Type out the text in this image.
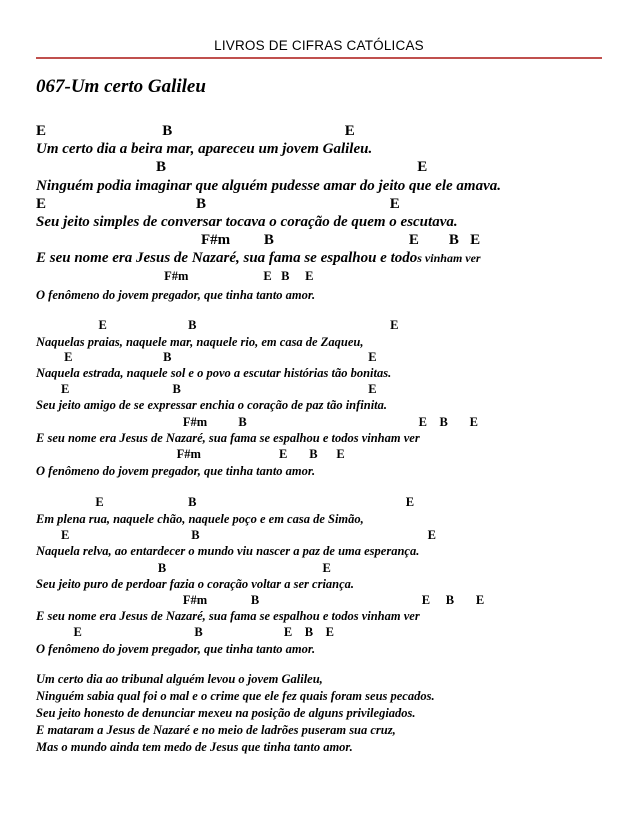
LIVROS DE CIFRAS CATÓLICAS
067-Um certo Galileu
E                               B                                              E
Um certo dia a beira mar, apareceu um jovem Galileu.
B                                                                   E
Ninguém podia imaginar que alguém pudesse amar do jeito que ele amava.
E                                        B                                                 E
Seu jeito simples de conversar tocava o coração de quem o escutava.
F#m         B                                    E        B   E
E seu nome era Jesus de Nazaré, sua fama se espalhou e todos vinham ver
F#m                        E   B     E
O fenômeno do jovem pregador, que tinha tanto amor.
E                          B                                                              E
Naquelas praias, naquele mar, naquele rio, em casa de Zaqueu,
E                             B                                                               E
Naquela estrada, naquele sol e o povo a escutar histórias tão bonitas.
E                                 B                                                            E
Seu jeito amigo de se expressar enchia o coração de paz tão infinita.
F#m          B                                                       E    B       E
E seu nome era Jesus de Nazaré, sua fama se espalhou e todos vinham ver
F#m                         E       B      E
O fenômeno do jovem pregador, que tinha tanto amor.
E                           B                                                                   E
Em plena rua, naquele chão, naquele poço e em casa de Simão,
E                                       B                                                                         E
Naquela relva, ao entardecer o mundo viu nascer a paz de uma esperança.
B                                                  E
Seu jeito puro de perdoar fazia o coração voltar a ser criança.
F#m              B                                                    E     B       E
E seu nome era Jesus de Nazaré, sua fama se espalhou e todos vinham ver
E                                    B                          E    B    E
O fenômeno do jovem pregador, que tinha tanto amor.
Um certo dia ao tribunal alguém levou o jovem Galileu,
Ninguém sabia qual foi o mal e o crime que ele fez quais foram seus pecados.
Seu jeito honesto de denunciar mexeu na posição de alguns privilegiados.
E mataram a Jesus de Nazaré e no meio de ladrões puseram sua cruz,
Mas o mundo ainda tem medo de Jesus que tinha tanto amor.
